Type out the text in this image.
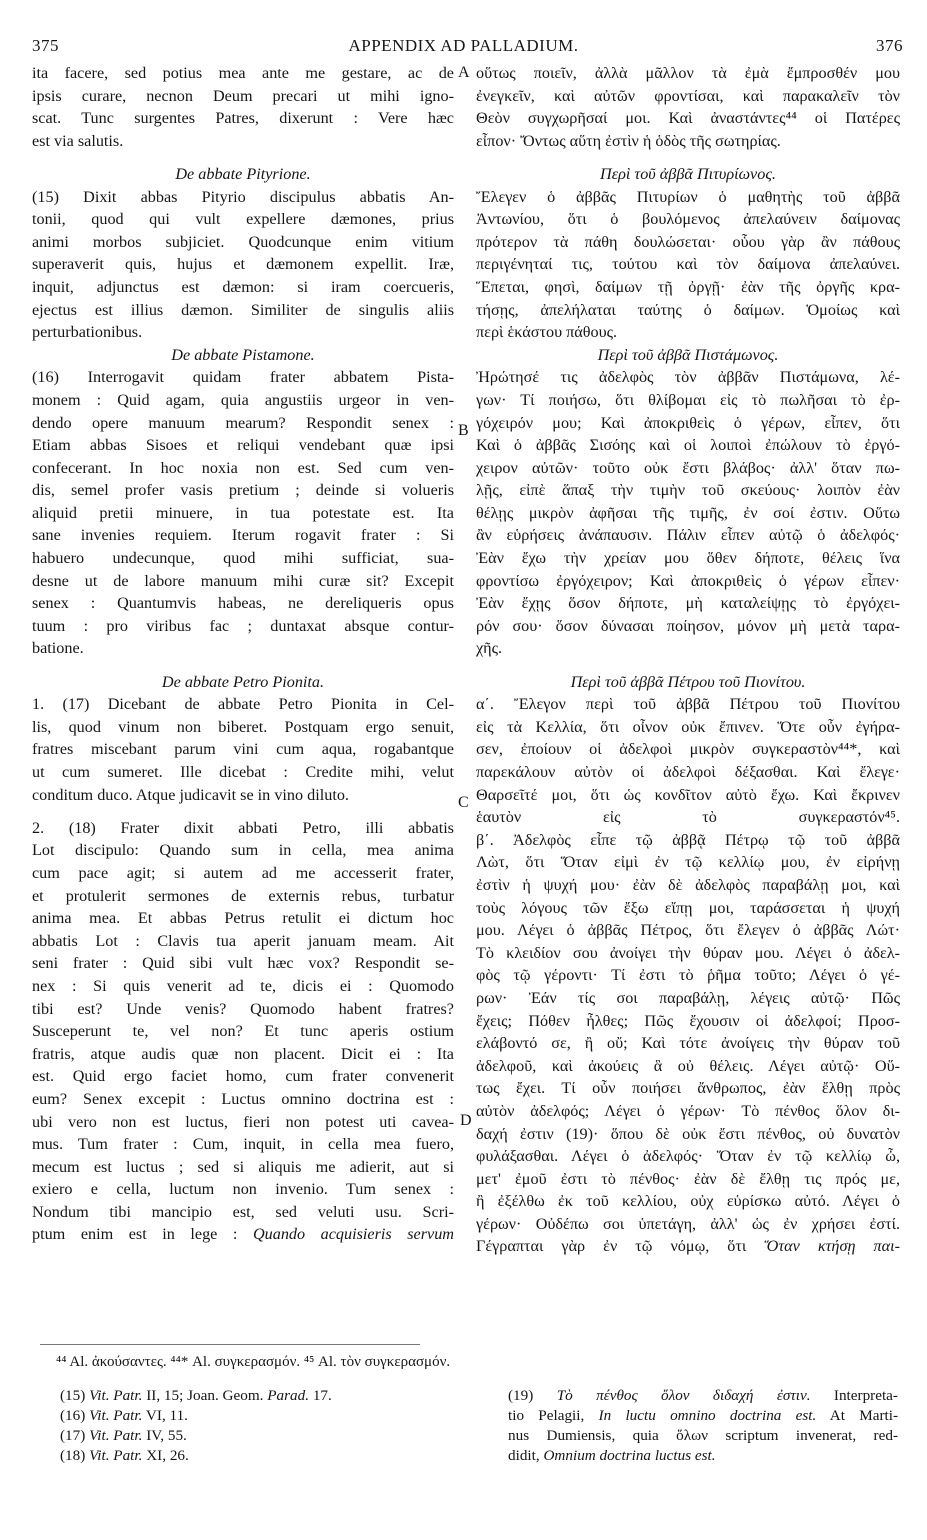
375	APPENDIX AD PALLADIUM.	376
A
B
C
D
ita facere, sed potius mea ante me gestare, ac de
ipsis curare, necnon Deum precari ut mihi igno-
scat. Tunc surgentes Patres, dixerunt : Vere hæc
est via salutis.
De abbate Pityrione.
(15) Dixit abbas Pityrio discipulus abbatis An-
tonii, quod qui vult expellere dæmones, prius
animi morbos subjiciet. Quodcunque enim vitium
superaverit quis, hujus et dæmonem expellit. Iræ,
inquit, adjunctus est dæmon: si iram coercueris,
ejectus est illius dæmon. Similiter de singulis aliis
perturbationibus.
De abbate Pistamone.
(16) Interrogavit quidam frater abbatem Pista-
monem : Quid agam, quia angustiis urgeor in ven-
dendo opere manuum mearum? Respondit senex :
Etiam abbas Sisoes et reliqui vendebant quæ ipsi
confecerant. In hoc noxia non est. Sed cum ven-
dis, semel profer vasis pretium ; deinde si volueris
aliquid pretii minuere, in tua potestate est. Ita
sane invenies requiem. Iterum rogavit frater : Si
habuero undecunque, quod mihi sufficiat, sua-
desne ut de labore manuum mihi curæ sit? Excepit
senex : Quantumvis habeas, ne dereliqueris opus
tuum : pro viribus fac ; duntaxat absque contur-
batione.
De abbate Petro Pionita.
1. (17) Dicebant de abbate Petro Pionita in Cel-
lis, quod vinum non biberet. Postquam ergo senuit,
fratres miscebant parum vini cum aqua, rogabantque
ut cum sumeret. Ille dicebat : Credite mihi, velut
conditum duco. Atque judicavit se in vino diluto.
2. (18) Frater dixit abbati Petro, illi abbatis
Lot discipulo: Quando sum in cella, mea anima
cum pace agit; si autem ad me accesserit frater,
et protulerit sermones de externis rebus, turbatur
anima mea. Et abbas Petrus retulit ei dictum hoc
abbatis Lot : Clavis tua aperit januam meam. Ait
seni frater : Quid sibi vult hæc vox? Respondit se-
nex : Si quis venerit ad te, dicis ei : Quomodo
tibi est? Unde venis? Quomodo habent fratres?
Susceperunt te, vel non? Et tunc aperis ostium
fratris, atque audis quæ non placent. Dicit ei : Ita
est. Quid ergo faciet homo, cum frater convenerit
eum? Senex excepit : Luctus omnino doctrina est :
ubi vero non est luctus, fieri non potest uti cavea-
mus. Tum frater : Cum, inquit, in cella mea fuero,
mecum est luctus ; sed si aliquis me adierit, aut si
exiero e cella, luctum non invenio. Tum senex :
Nondum tibi mancipio est, sed veluti usu. Scri-
ptum enim est in lege : Quando acquisieris servum
οὕτως ποιεῖν, ἀλλὰ μᾶλλον τὰ ἐμὰ ἔμπροσθέν μου
ἐνεγκεῖν, καὶ αὐτῶν φροντίσαι, καὶ παρακαλεῖν τὸν
Θεὸν συγχωρῆσαί μοι. Καὶ ἀναστάντες⁴⁴ οἱ Πατέρες
εἶπον· Ὄντως αὕτη ἐστὶν ἡ ὁδὸς τῆς σωτηρίας.
Περὶ τοῦ ἀββᾶ Πιτυρίωνος.
Ἔλεγεν ὁ ἀββᾶς Πιτυρίων ὁ μαθητὴς τοῦ ἀββᾶ
Ἀντωνίου, ὅτι ὁ βουλόμενος ἀπελαύνειν δαίμονας
πρότερον τὰ πάθη δουλώσεται· οὗου γὰρ ἂν πάθους
περιγένηταί τις, τούτου καὶ τὸν δαίμονα ἀπελαύνει.
Ἕπεται, φησὶ, δαίμων τῇ ὀργῇ· ἐὰν τῆς ὀργῆς κρα-
τήσῃς, ἀπελήλαται ταύτης ὁ δαίμων. Ὁμοίως καὶ
περὶ ἑκάστου πάθους.
Περὶ τοῦ ἀββᾶ Πιστάμωνος.
Ἠρώτησέ τις ἀδελφὸς τὸν ἀββᾶν Πιστάμωνα, λέ-
γων· Τί ποιήσω, ὅτι θλίβομαι εἰς τὸ πωλῆσαι τὸ ἐρ-
γόχειρόν μου; Καὶ ἀποκριθεὶς ὁ γέρων, εἶπεν, ὅτι
Καὶ ὁ ἀββᾶς Σισόης καὶ οἱ λοιποὶ ἐπώλουν τὸ ἐργό-
χειρον αὐτῶν· τοῦτο οὐκ ἔστι βλάβος· ἀλλ' ὅταν πω-
λῇς, εἰπὲ ἅπαξ τὴν τιμὴν τοῦ σκεύους· λοιπὸν ἐὰν
θέλῃς μικρὸν ἀφῆσαι τῆς τιμῆς, ἐν σοί ἐστιν. Οὕτω
ἂν εὑρήσεις ἀνάπαυσιν. Πάλιν εἶπεν αὐτῷ ὁ ἀδελφός·
Ἐὰν ἔχω τὴν χρείαν μου ὅθεν δήποτε, θέλεις ἵνα
φροντίσω ἐργόχειρον; Καὶ ἀποκριθεὶς ὁ γέρων εἶπεν·
Ἐὰν ἔχῃς ὅσον δήποτε, μὴ καταλείψῃς τὸ ἐργόχει-
ρόν σου· ὅσον δύνασαι ποίησον, μόνον μὴ μετὰ ταρα-
χῆς.
Περὶ τοῦ ἀββᾶ Πέτρου τοῦ Πιονίτου.
α΄. Ἔλεγον περὶ τοῦ ἀββᾶ Πέτρου τοῦ Πιονίτου
εἰς τὰ Κελλία, ὅτι οἶνον οὐκ ἔπινεν. Ὅτε οὖν ἐγήρα-
σεν, ἐποίουν οἱ ἀδελφοὶ μικρὸν συγκεραστὸν⁴⁴*, καὶ
παρεκάλουν αὐτὸν οἱ ἀδελφοὶ δέξασθαι. Καὶ ἔλεγε·
Θαρσεῖτέ μοι, ὅτι ὡς κονδῖτον αὐτὸ ἔχω. Καὶ ἔκρινεν
ἑαυτὸν εἰς τὸ συγκεραστόν⁴⁵.
β΄. Ἀδελφὸς εἶπε τῷ ἀββᾷ Πέτρῳ τῷ τοῦ ἀββᾶ
Λὼτ, ὅτι Ὅταν εἰμὶ ἐν τῷ κελλίῳ μου, ἐν εἰρήνῃ
ἐστὶν ἡ ψυχή μου· ἐὰν δὲ ἀδελφὸς παραβάλῃ μοι, καὶ
τοὺς λόγους τῶν ἔξω εἴπῃ μοι, ταράσσεται ἡ ψυχή
μου. Λέγει ὁ ἀββᾶς Πέτρος, ὅτι ἔλεγεν ὁ ἀββᾶς Λώτ·
Τὸ κλειδίον σου ἀνοίγει τὴν θύραν μου. Λέγει ὁ ἀδελ-
φὸς τῷ γέροντι· Τί ἐστι τὸ ῥῆμα τοῦτο; Λέγει ὁ γέ-
ρων· Ἐάν τίς σοι παραβάλῃ, λέγεις αὐτῷ· Πῶς
ἔχεις; Πόθεν ἦλθες; Πῶς ἔχουσιν οἱ ἀδελφοί; Προσ-
ελάβοντό σε, ἢ οὔ; Καὶ τότε ἀνοίγεις τὴν θύραν τοῦ
ἀδελφοῦ, καὶ ἀκούεις ἃ οὐ θέλεις. Λέγει αὐτῷ· Οὕ-
τως ἔχει. Τί οὖν ποιήσει ἄνθρωπος, ἐὰν ἔλθῃ πρὸς
αὐτὸν ἀδελφός; Λέγει ὁ γέρων· Τὸ πένθος ὅλον δι-
δαχή ἐστιν (19)· ὅπου δὲ οὐκ ἔστι πένθος, οὐ δυνατὸν
φυλάξασθαι. Λέγει ὁ ἀδελφός· Ὅταν ἐν τῷ κελλίῳ ὦ,
μετ' ἐμοῦ ἐστι τὸ πένθος· ἐὰν δὲ ἔλθῃ τις πρός με,
ἢ ἐξέλθω ἐκ τοῦ κελλίου, οὐχ εὑρίσκω αὐτό. Λέγει ὁ
γέρων· Οὐδέπω σοι ὑπετάγη, ἀλλ' ὡς ἐν χρήσει ἐστί.
Γέγραπται γὰρ ἐν τῷ νόμῳ, ὅτι Ὅταν κτήσῃ παι-
⁴⁴ Al. ἀκούσαντες. ⁴⁴* Al. συγκερασμόν. ⁴⁵ Al. τὸν συγκερασμόν.
(15) Vit. Patr. II, 15; Joan. Geom. Parad. 17.
(16) Vit. Patr. VI, 11.
(17) Vit. Patr. IV, 55.
(18) Vit. Patr. XI, 26.
(19) Τὸ πένθος ὅλον διδαχή ἐστιν. Interpreta-
tio Pelagii, In luctu omnino doctrina est. At Marti-
nus Dumiensis, quia ὅλων scriptum invenerat, red-
didit, Omnium doctrina luctus est.
